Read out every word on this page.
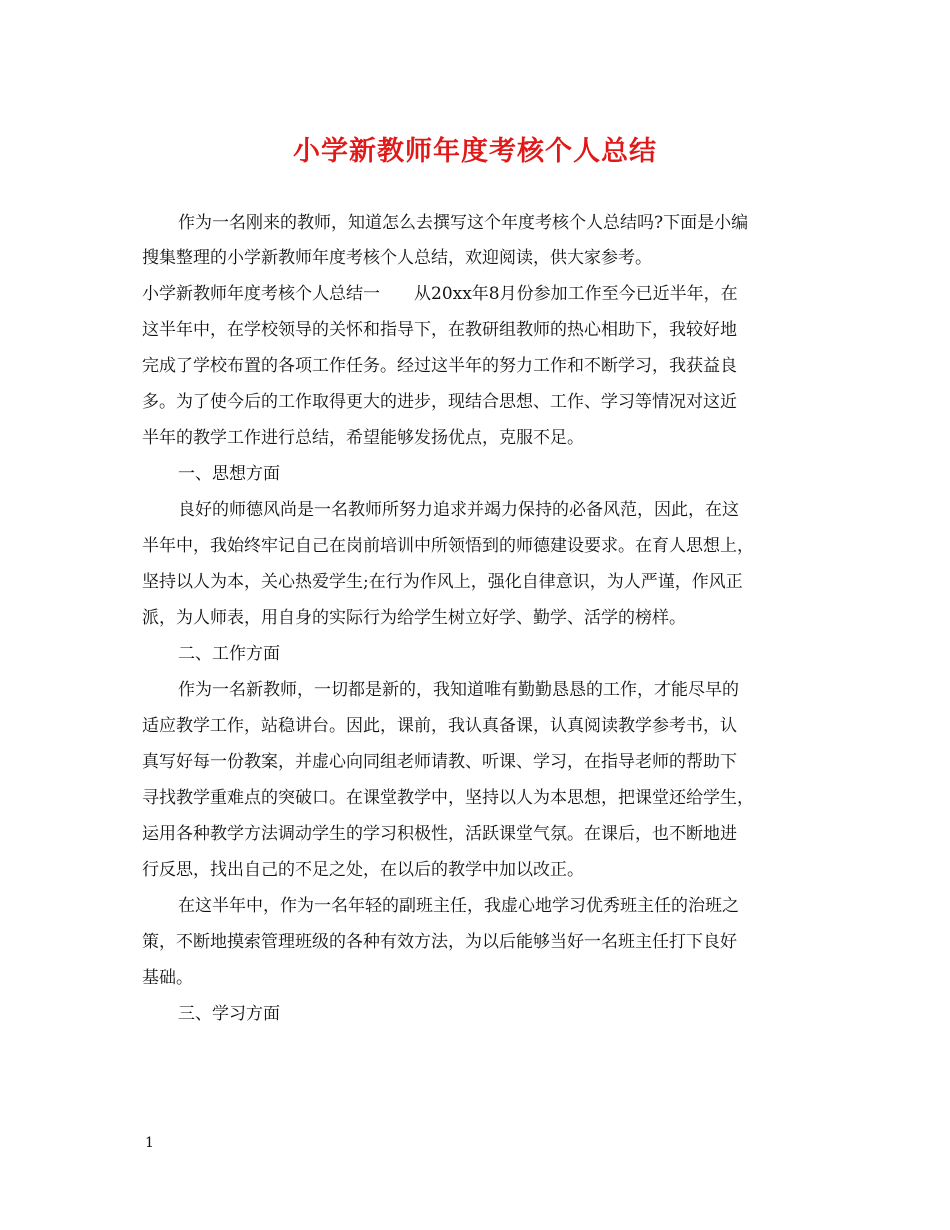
小学新教师年度考核个人总结
作为一名刚来的教师，知道怎么去撰写这个年度考核个人总结吗?下面是小编
搜集整理的小学新教师年度考核个人总结，欢迎阅读，供大家参考。
小学新教师年度考核个人总结一　　从20xx年8月份参加工作至今已近半年，在
这半年中，在学校领导的关怀和指导下，在教研组教师的热心相助下，我较好地
完成了学校布置的各项工作任务。经过这半年的努力工作和不断学习，我获益良
多。为了使今后的工作取得更大的进步，现结合思想、工作、学习等情况对这近
半年的教学工作进行总结，希望能够发扬优点，克服不足。
一、思想方面
良好的师德风尚是一名教师所努力追求并竭力保持的必备风范，因此，在这
半年中，我始终牢记自己在岗前培训中所领悟到的师德建设要求。在育人思想上，
坚持以人为本，关心热爱学生;在行为作风上，强化自律意识，为人严谨，作风正
派，为人师表，用自身的实际行为给学生树立好学、勤学、活学的榜样。
二、工作方面
作为一名新教师，一切都是新的，我知道唯有勤勤恳恳的工作，才能尽早的
适应教学工作，站稳讲台。因此，课前，我认真备课，认真阅读教学参考书，认
真写好每一份教案，并虚心向同组老师请教、听课、学习，在指导老师的帮助下
寻找教学重难点的突破口。在课堂教学中，坚持以人为本思想，把课堂还给学生，
运用各种教学方法调动学生的学习积极性，活跃课堂气氛。在课后，也不断地进
行反思，找出自己的不足之处，在以后的教学中加以改正。
在这半年中，作为一名年轻的副班主任，我虚心地学习优秀班主任的治班之
策，不断地摸索管理班级的各种有效方法，为以后能够当好一名班主任打下良好
基础。
三、学习方面
1
